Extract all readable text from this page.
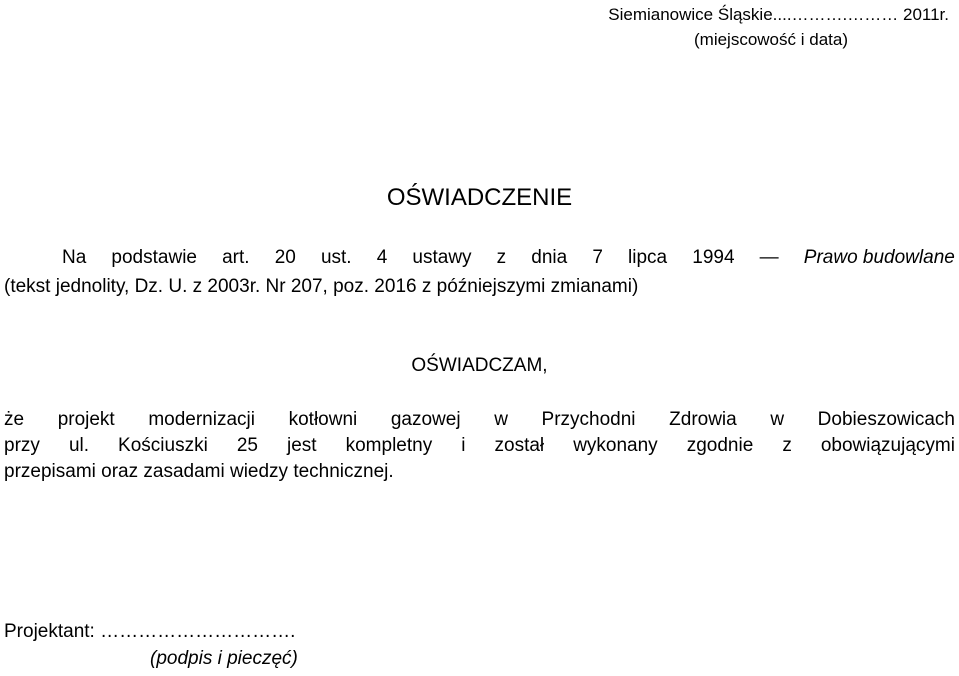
Siemianowice Śląskie....……….……… 2011r.
(miejscowość i data)
OŚWIADCZENIE
Na podstawie art. 20 ust. 4 ustawy z dnia 7 lipca 1994 — Prawo budowlane
(tekst jednolity, Dz. U. z 2003r. Nr 207, poz. 2016 z późniejszymi zmianami)
OŚWIADCZAM,
że projekt modernizacji kotłowni gazowej w Przychodni Zdrowia w Dobieszowicach
przy ul. Kościuszki 25 jest kompletny i został wykonany zgodnie z obowiązującymi
przepisami oraz zasadami wiedzy technicznej.
Projektant: ………………………….
(podpis i pieczęć)
